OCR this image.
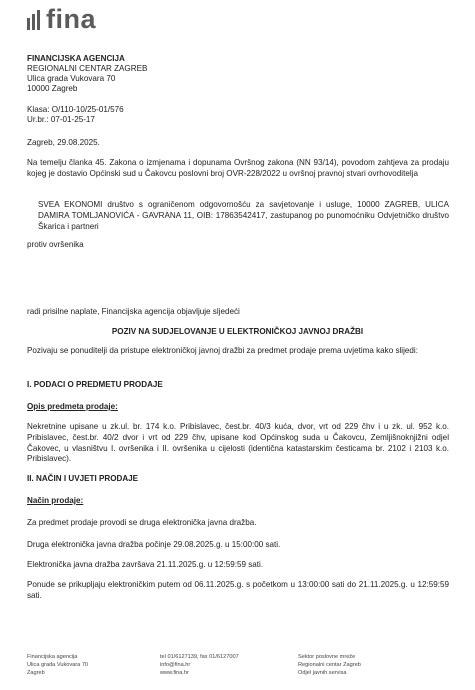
fina
FINANCIJSKA AGENCIJA
REGIONALNI CENTAR ZAGREB
Ulica grada Vukovara 70
10000 Zagreb
Klasa: O/110-10/25-01/576
Ur.br.: 07-01-25-17
Zagreb, 29.08.2025.
Na temelju članka 45. Zakona o izmjenama i dopunama Ovršnog zakona (NN 93/14), povodom zahtjeva za prodaju kojeg je dostavio Općinski sud u Čakovcu poslovni broj OVR-228/2022 u ovršnoj pravnoj stvari ovrhovoditelja
SVEA EKONOMI društvo s ograničenom odgovornošću za savjetovanje i usluge, 10000 ZAGREB, ULICA DAMIRA TOMLJANOVIĆA - GAVRANA 11, OIB: 17863542417, zastupanog po punomoćniku Odvjetničko društvo Škarica i partneri
protiv ovršenika
radi prisilne naplate, Financijska agencija objavljuje sljedeći
POZIV NA SUDJELOVANJE U ELEKTRONIČKOJ JAVNOJ DRAŽBI
Pozivaju se ponuditelji da pristupe elektroničkoj javnoj dražbi za predmet prodaje prema uvjetima kako slijedi:
I. PODACI O PREDMETU PRODAJE
Opis predmeta prodaje:
Nekretnine upisane u zk.ul. br. 174 k.o. Pribislavec, čest.br. 40/3 kuća, dvor, vrt od 229 čhv i u zk. ul. 952 k.o. Pribislavec, čest.br. 40/2 dvor i vrt od 229 čhv, upisane kod Općinskog suda u Čakovcu, Zemljišnoknjižni odjel Čakovec, u vlasništvu I. ovršenika i II. ovršenika u cijelosti (identična katastarskim česticama br. 2102 i 2103 k.o. Pribislavec).
II. NAČIN I UVJETI PRODAJE
Način prodaje:
Za predmet prodaje provodi se druga elektronička javna dražba.
Druga elektronička javna dražba počinje 29.08.2025.g. u 15:00:00 sati.
Elektronička javna dražba završava 21.11.2025.g. u 12:59:59 sati.
Ponude se prikupljaju elektroničkim putem od 06.11.2025.g. s početkom u 13:00:00 sati do 21.11.2025.g. u 12:59:59 sati.
Financijska agencija
Ulica grada Vukovara 70
Zagreb
tel 01/6127139, fax 01/6127007
info@fina.hr
www.fina.hr
Sektor poslovne mreže
Regionalni centar Zagreb
Odjel javnih servisa
